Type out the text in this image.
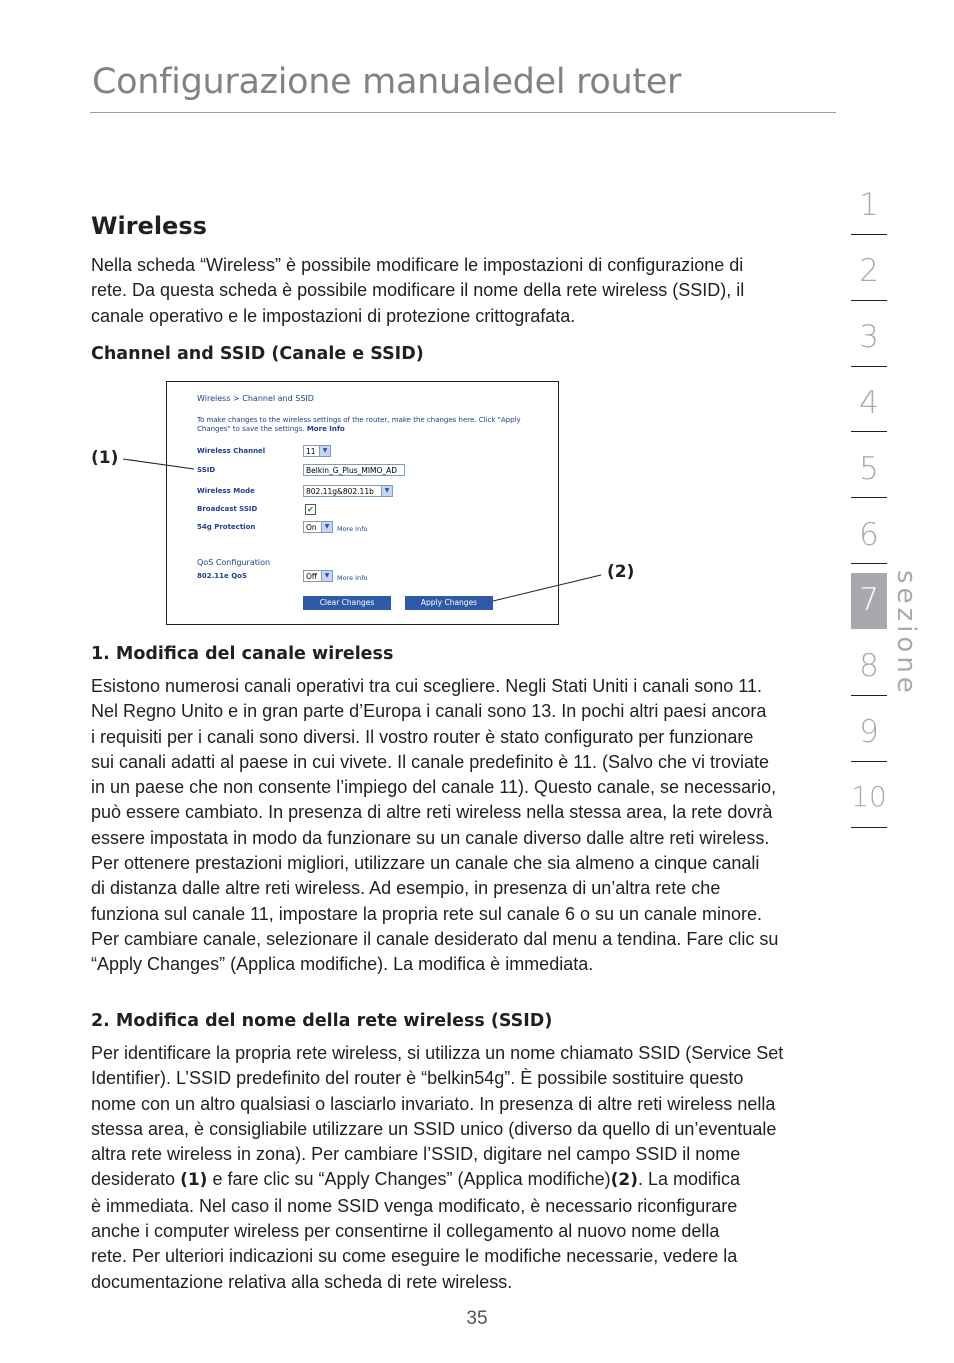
Configurazione manualedel router
Wireless
Nella scheda “Wireless” è possibile modificare le impostazioni di configurazione di
rete. Da questa scheda è possibile modificare il nome della rete wireless (SSID), il
canale operativo e le impostazioni di protezione crittografata.
Channel and SSID (Canale e SSID)
Wireless > Channel and SSID
To make changes to the wireless settings of the router, make the changes here. Click "Apply
Changes" to save the settings. More Info
Wireless Channel	11	▼
SSID	Belkin_G_Plus_MIMO_AD
Wireless Mode	802.11g&802.11b	▼
Broadcast SSID	✔
54g Protection	On	▼	More Info
QoS Configuration
802.11e QoS	Off	▼	More Info
Clear Changes	Apply Changes
(1)
(2)
1. Modifica del canale wireless
Esistono numerosi canali operativi tra cui scegliere. Negli Stati Uniti i canali sono 11.
Nel Regno Unito e in gran parte d’Europa i canali sono 13. In pochi altri paesi ancora
i requisiti per i canali sono diversi. Il vostro router è stato configurato per funzionare
sui canali adatti al paese in cui vivete. Il canale predefinito è 11. (Salvo che vi troviate
in un paese che non consente l’impiego del canale 11). Questo canale, se necessario,
può essere cambiato. In presenza di altre reti wireless nella stessa area, la rete dovrà
essere impostata in modo da funzionare su un canale diverso dalle altre reti wireless.
Per ottenere prestazioni migliori, utilizzare un canale che sia almeno a cinque canali
di distanza dalle altre reti wireless. Ad esempio, in presenza di un’altra rete che
funziona sul canale 11, impostare la propria rete sul canale 6 o su un canale minore.
Per cambiare canale, selezionare il canale desiderato dal menu a tendina. Fare clic su
“Apply Changes” (Applica modifiche). La modifica è immediata.
2. Modifica del nome della rete wireless (SSID)
Per identificare la propria rete wireless, si utilizza un nome chiamato SSID (Service Set
Identifier). L’SSID predefinito del router è “belkin54g”. È possibile sostituire questo
nome con un altro qualsiasi o lasciarlo invariato. In presenza di altre reti wireless nella
stessa area, è consigliabile utilizzare un SSID unico (diverso da quello di un’eventuale
altra rete wireless in zona). Per cambiare l’SSID, digitare nel campo SSID il nome
desiderato (1) e fare clic su “Apply Changes” (Applica modifiche)(2). La modifica
è immediata. Nel caso il nome SSID venga modificato, è necessario riconfigurare
anche i computer wireless per consentirne il collegamento al nuovo nome della
rete. Per ulteriori indicazioni su come eseguire le modifiche necessarie, vedere la
documentazione relativa alla scheda di rete wireless.
1
2
3
4
5
6
7
8
9
10
sezione
35
